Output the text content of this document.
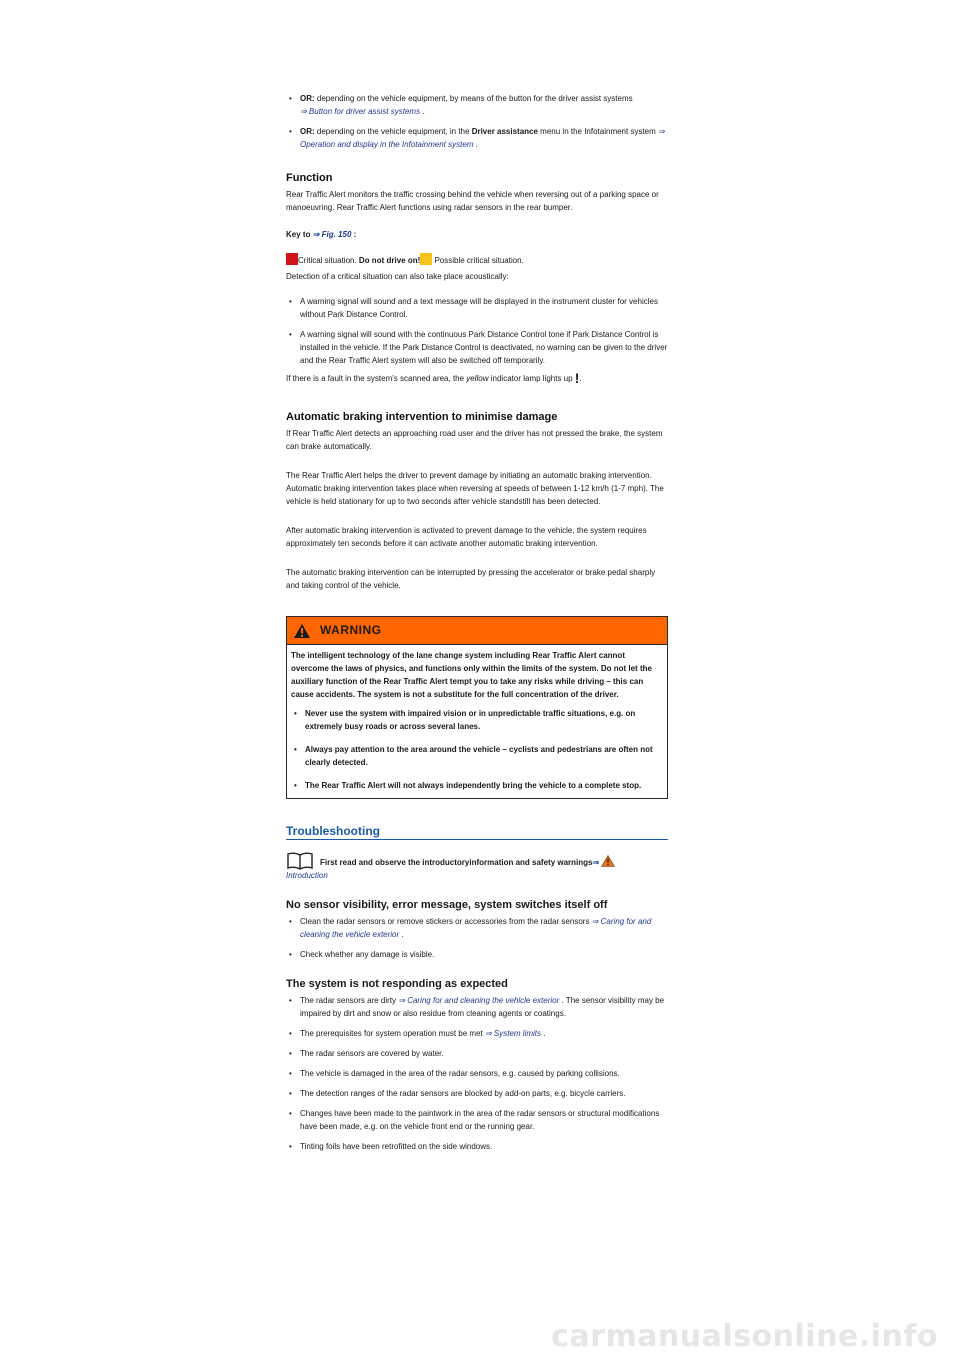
• OR: depending on the vehicle equipment, by means of the button for the driver assist systems
⇒ Button for driver assist systems .
• OR: depending on the vehicle equipment, in the Driver assistance menu in the Infotainment system ⇒ Operation and display in the Infotainment system .
Function

Rear Traffic Alert monitors the traffic crossing behind the vehicle when reversing out of a parking space or manoeuvring. Rear Traffic Alert functions using radar sensors in the rear bumper.

Key to ⇒ Fig. 150 :

Critical situation. Do not drive on! Possible critical situation.

Detection of a critical situation can also take place acoustically:

• A warning signal will sound and a text message will be displayed in the instrument cluster for vehicles without Park Distance Control.
• A warning signal will sound with the continuous Park Distance Control tone if Park Distance Control is installed in the vehicle. If the Park Distance Control is deactivated, no warning can be given to the driver and the Rear Traffic Alert system will also be switched off temporarily.

If there is a fault in the system's scanned area, the yellow indicator lamp lights up !.

Automatic braking intervention to minimise damage

If Rear Traffic Alert detects an approaching road user and the driver has not pressed the brake, the system can brake automatically.

The Rear Traffic Alert helps the driver to prevent damage by initiating an automatic braking intervention. Automatic braking intervention takes place when reversing at speeds of between 1-12 km/h (1-7 mph). The vehicle is held stationary for up to two seconds after vehicle standstill has been detected.

After automatic braking intervention is activated to prevent damage to the vehicle, the system requires approximately ten seconds before it can activate another automatic braking intervention.

The automatic braking intervention can be interrupted by pressing the accelerator or brake pedal sharply and taking control of the vehicle.

WARNING

The intelligent technology of the lane change system including Rear Traffic Alert cannot overcome the laws of physics, and functions only within the limits of the system. Do not let the auxiliary function of the Rear Traffic Alert tempt you to take any risks while driving – this can cause accidents. The system is not a substitute for the full concentration of the driver.

• Never use the system with impaired vision or in unpredictable traffic situations, e.g. on extremely busy roads or across several lanes.
• Always pay attention to the area around the vehicle – cyclists and pedestrians are often not clearly detected.
• The Rear Traffic Alert will not always independently bring the vehicle to a complete stop.
Troubleshooting
First read and observe the introductoryinformation and safety warnings⇒

Introduction

No sensor visibility, error message, system switches itself off
• Clean the radar sensors or remove stickers or accessories from the radar sensors ⇒ Caring for and cleaning the vehicle exterior .
• Check whether any damage is visible.
The system is not responding as expected
• The radar sensors are dirty ⇒ Caring for and cleaning the vehicle exterior . The sensor visibility may be impaired by dirt and snow or also residue from cleaning agents or coatings.
• The prerequisites for system operation must be met ⇒ System limits .
• The radar sensors are covered by water.
• The vehicle is damaged in the area of the radar sensors, e.g. caused by parking collisions.
• The detection ranges of the radar sensors are blocked by add-on parts, e.g. bicycle carriers.
• Changes have been made to the paintwork in the area of the radar sensors or structural modifications have been made, e.g. on the vehicle front end or the running gear.
• Tinting foils have been retrofitted on the side windows.
carmanualsonline.info
